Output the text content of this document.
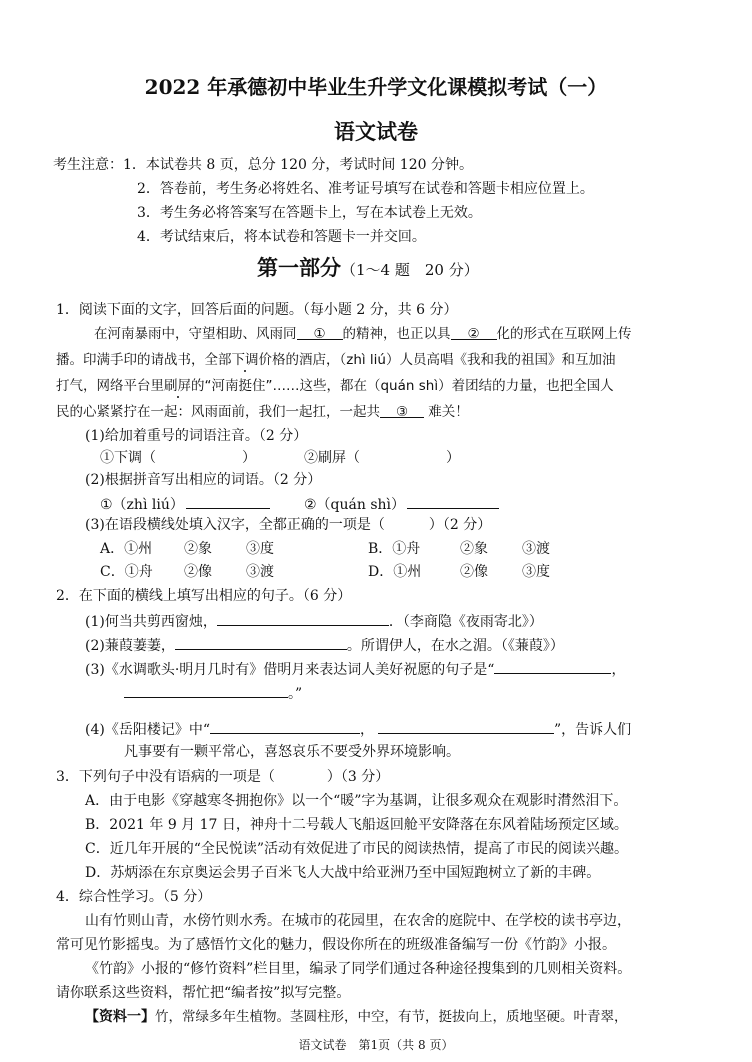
2022 年承德初中毕业生升学文化课模拟考试（一）
语文试卷
考生注意： 1．本试卷共 8 页，总分 120 分，考试时间 120 分钟。
2．答卷前，考生务必将姓名、准考证号填写在试卷和答题卡相应位置上。
3．考生务必将答案写在答题卡上，写在本试卷上无效。
4．考试结束后，将本试卷和答题卡一并交回。
第一部分（1～4 题　20 分）
1．阅读下面的文字，回答后面的问题。（每小题 2 分，共 6 分）
在河南暴雨中，守望相助、风雨同 ① 的精神，也正以具 ② 化的形式在互联网上传
播。印满手印的请战书，全部下调价格的酒店，（zhì liú）人员高唱《我和我的祖国》和互加油
打气，网络平台里刷屏的“河南挺住”……这些，都在（quán shì）着团结的力量，也把全国人
民的心紧紧拧在一起：风雨面前，我们一起扛，一起共 ③ 难关！
(1)给加着重号的词语注音。（2 分）
①下调（	）	②刷屏（	）
(2)根据拼音写出相应的词语。（2 分）
①（zhì liú）	②（quán shì）
(3)在语段横线处填入汉字，全都正确的一项是（	）（2 分）
A．①州 ②象 ③度	B．①舟	②象 ③渡
C．①舟 ②像 ③渡	D．①州	②像 ③度
2．在下面的横线上填写出相应的句子。（6 分）
(1)何当共剪西窗烛，	．（李商隐《夜雨寄北》）
(2)蒹葭萋萋，	。所谓伊人，在水之湄。（《蒹葭》）
(3)《水调歌头·明月几时有》借明月来表达词人美好祝愿的句子是“	，
。”
(4)《岳阳楼记》中“	，	”，告诉人们
凡事要有一颗平常心，喜怒哀乐不要受外界环境影响。
3．下列句子中没有语病的一项是（	）（3 分）
A．由于电影《穿越寒冬拥抱你》以一个“暖”字为基调，让很多观众在观影时潸然泪下。
B．2021 年 9 月 17 日，神舟十二号载人飞船返回舱平安降落在东风着陆场预定区域。
C．近几年开展的“全民悦读”活动有效促进了市民的阅读热情，提高了市民的阅读兴趣。
D．苏炳添在东京奥运会男子百米飞人大战中给亚洲乃至中国短跑树立了新的丰碑。
4．综合性学习。（5 分）
山有竹则山青，水傍竹则水秀。在城市的花园里，在农舍的庭院中、在学校的读书亭边，
常可见竹影摇曳。为了感悟竹文化的魅力，假设你所在的班级准备编写一份《竹韵》小报。
《竹韵》小报的“修竹资料”栏目里，编录了同学们通过各种途径搜集到的几则相关资料。
请你联系这些资料，帮忙把“编者按”拟写完整。
【资料一】竹，常绿多年生植物。茎圆柱形，中空，有节，挺拔向上，质地坚硬。叶青翠，
语文试卷　第1页（共 8 页）
